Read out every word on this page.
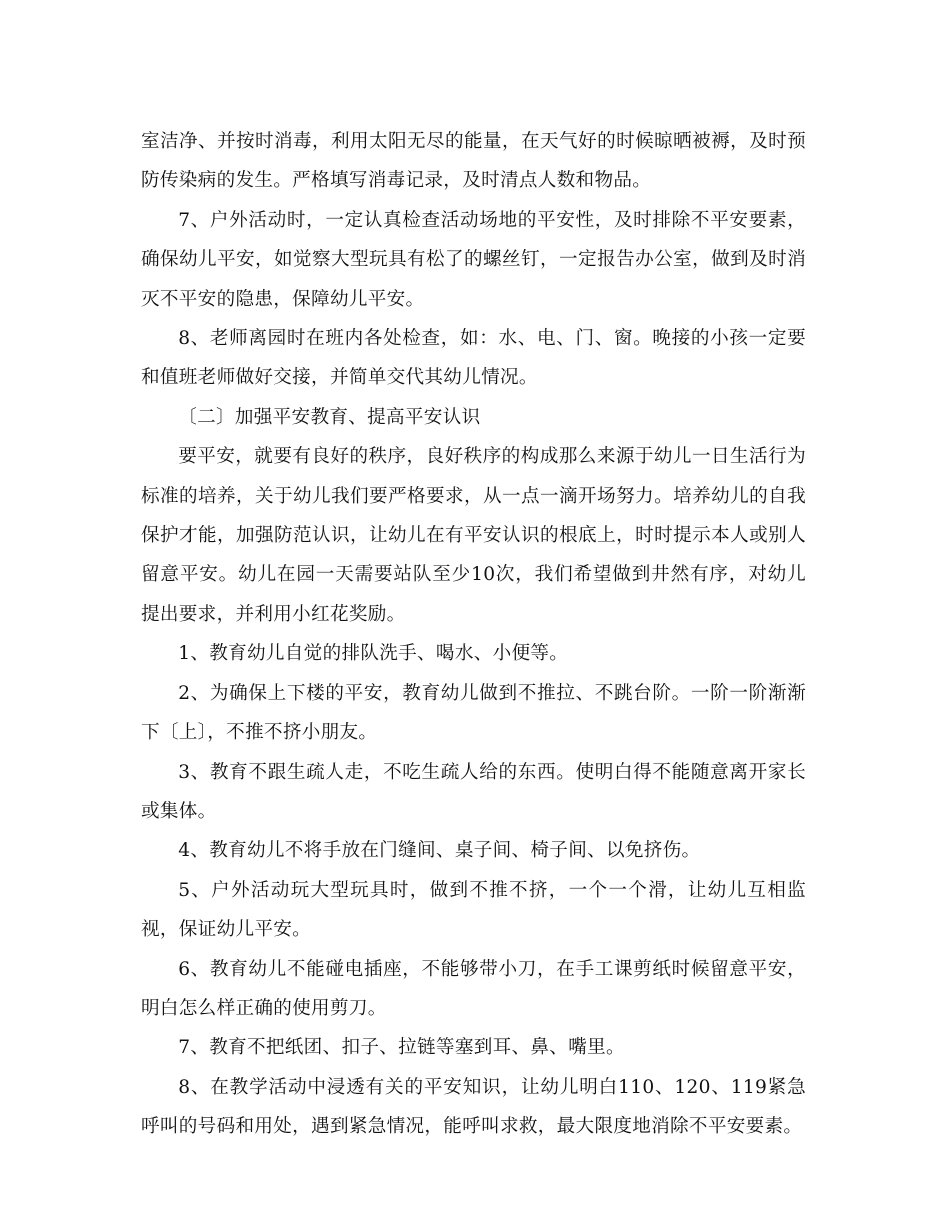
室洁净、并按时消毒，利用太阳无尽的能量，在天气好的时候晾晒被褥，及时预防传染病的发生。严格填写消毒记录，及时清点人数和物品。

7、户外活动时，一定认真检查活动场地的平安性，及时排除不平安要素，确保幼儿平安，如觉察大型玩具有松了的螺丝钉，一定报告办公室，做到及时消灭不平安的隐患，保障幼儿平安。

8、老师离园时在班内各处检查，如：水、电、门、窗。晚接的小孩一定要和值班老师做好交接，并简单交代其幼儿情况。

〔二〕加强平安教育、提高平安认识

要平安，就要有良好的秩序，良好秩序的构成那么来源于幼儿一日生活行为标准的培养，关于幼儿我们要严格要求，从一点一滴开场努力。培养幼儿的自我保护才能，加强防范认识，让幼儿在有平安认识的根底上，时时提示本人或别人留意平安。幼儿在园一天需要站队至少10次，我们希望做到井然有序，对幼儿提出要求，并利用小红花奖励。

1、教育幼儿自觉的排队洗手、喝水、小便等。

2、为确保上下楼的平安，教育幼儿做到不推拉、不跳台阶。一阶一阶渐渐下〔上〕，不推不挤小朋友。

3、教育不跟生疏人走，不吃生疏人给的东西。使明白得不能随意离开家长或集体。

4、教育幼儿不将手放在门缝间、桌子间、椅子间、以免挤伤。

5、户外活动玩大型玩具时，做到不推不挤，一个一个滑，让幼儿互相监视，保证幼儿平安。

6、教育幼儿不能碰电插座，不能够带小刀，在手工课剪纸时候留意平安，明白怎么样正确的使用剪刀。

7、教育不把纸团、扣子、拉链等塞到耳、鼻、嘴里。

8、在教学活动中浸透有关的平安知识，让幼儿明白110、120、119紧急呼叫的号码和用处，遇到紧急情况，能呼叫求救，最大限度地消除不平安要素。
